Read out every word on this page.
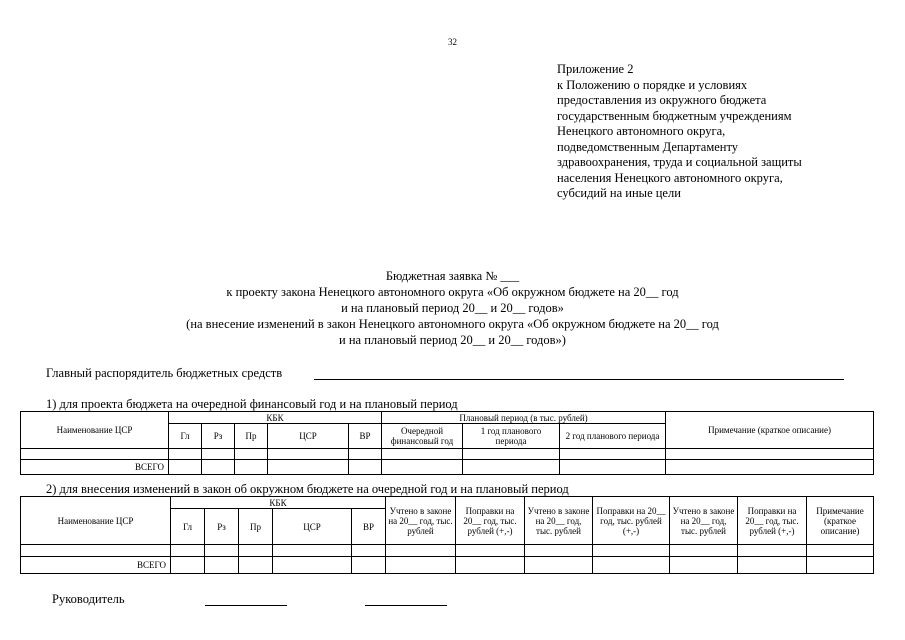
32
Приложение 2
к Положению о порядке и условиях
предоставления из окружного бюджета
государственным бюджетным учреждениям
Ненецкого автономного округа,
подведомственным Департаменту
здравоохранения, труда и социальной защиты
населения Ненецкого автономного округа,
субсидий на иные цели
Бюджетная заявка № ___
к проекту закона Ненецкого автономного округа «Об окружном бюджете на 20__ год
и на плановый период 20__ и 20__ годов»
(на внесение изменений в закон Ненецкого автономного округа «Об окружном бюджете на 20__ год
и на плановый период 20__ и 20__ годов»)
Главный распорядитель бюджетных средств
1) для проекта бюджета на очередной финансовый год и на плановый период
Наименование ЦСР	КБК					Плановый период (в тыс. рублей)			Примечание (краткое описание)
	Гл	Рз	Пр	ЦСР	ВР	Очередной финансовый год	1 год планового периода	2 год планового периода	

ВСЕГО									
2) для внесения изменений в закон об окружном бюджете на очередной год и на плановый период
Наименование ЦСР	КБК					Учтено в законе на 20__ год, тыс. рублей	Поправки на 20__ год, тыс. рублей (+,-)	Учтено в законе на 20__ год, тыс. рублей	Поправки на 20__ год, тыс. рублей (+,-)	Учтено в законе на 20__ год, тыс. рублей	Поправки на 20__ год, тыс. рублей (+,-)	Примечание (краткое описание)
	Гл	Рз	Пр	ЦСР	ВР							

ВСЕГО												
Руководитель
